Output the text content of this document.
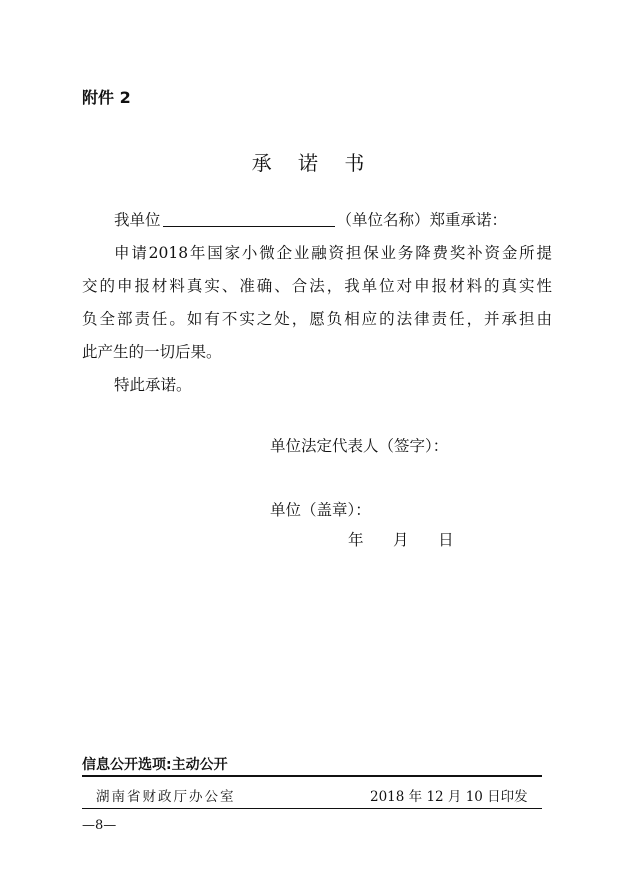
附件 2
承 诺 书
我单位	（单位名称）郑重承诺：
申请2018年国家小微企业融资担保业务降费奖补资金所提
交的申报材料真实、准确、合法，我单位对申报材料的真实性
负全部责任。如有不实之处，愿负相应的法律责任，并承担由
此产生的一切后果。
特此承诺。
单位法定代表人（签字）：
单位（盖章）：
年      月      日
信息公开选项:主动公开
湖南省财政厅办公室	2018 年 12 月 10 日印发
—8—
